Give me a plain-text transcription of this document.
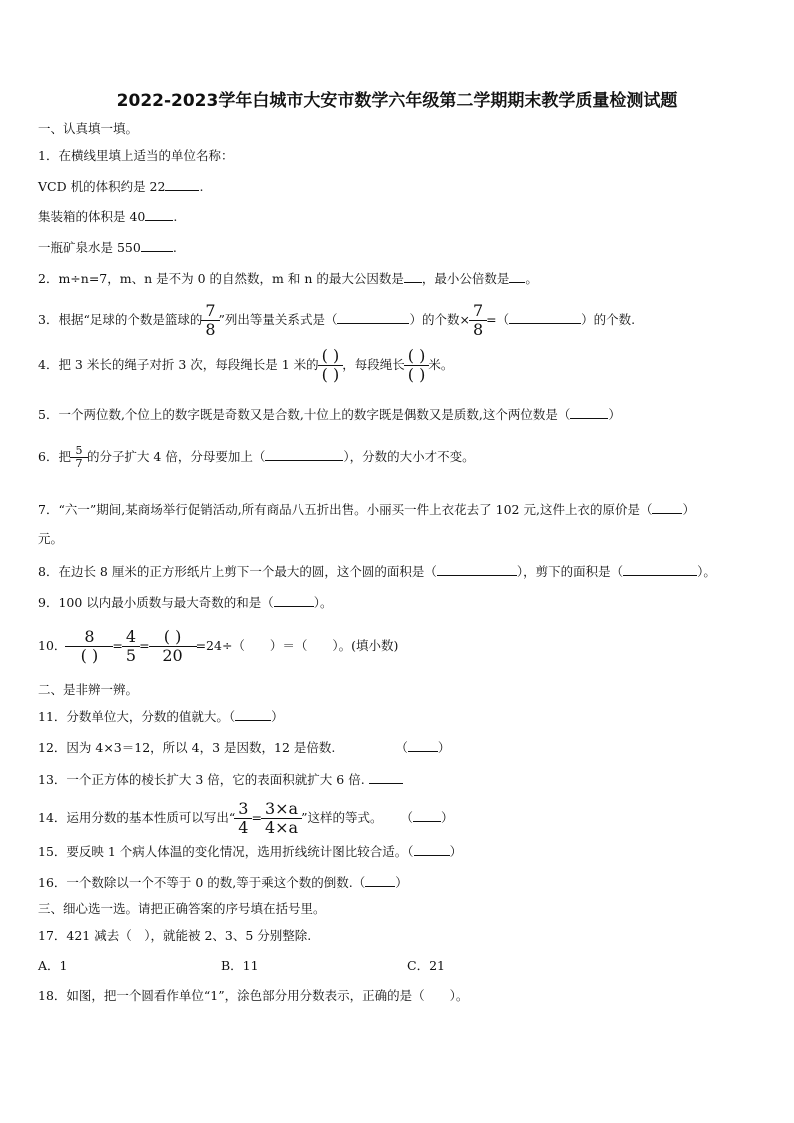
2022-2023学年白城市大安市数学六年级第二学期期末教学质量检测试题
一、认真填一填。
1．在横线里填上适当的单位名称：
VCD 机的体积约是 22	.
集装箱的体积是 40 .
一瓶矿泉水是 550	.
2．m÷n=7，m、n 是不为 0 的自然数，m 和 n 的最大公因数是 ，最小公倍数是 。
3．根据“足球的个数是篮球的 $\frac{7}{8}$ ”列出等量关系式是（	）的个数× $\frac{7}{8}$ =（	）的个数.
4．把 3 米长的绳子对折 3 次，每段绳长是 1 米的 ( )
( )
，每段绳长 ( )
( )
米。
5．一个两位数,个位上的数字既是奇数又是合数,十位上的数字既是偶数又是质数,这个两位数是（	）
6．把 $\frac{5}{7}$ 的分子扩大 4 倍，分母要加上（	），分数的大小才不变。
7．“六一”期间,某商场举行促销活动,所有商品八五折出售。小丽买一件上衣花去了 102 元,这件上衣的原价是（ ）
元。
8．在边长 8 厘米的正方形纸片上剪下一个最大的圆，这个圆的面积是（	），剪下的面积是（	）。
9．100 以内最小质数与最大奇数的和是（	）。
10． 8
( )
= $\frac{4}{5}$ = ( )
20
=24÷（　　）＝（　　）。(填小数)
二、是非辨一辨。
11．分数单位大，分数的值就大。（	）
12．因为 4×3＝12，所以 4，3 是因数，12 是倍数.	（ ）
13．一个正方体的棱长扩大 3 倍，它的表面积就扩大 6 倍.
14．运用分数的基本性质可以写出“ $\frac{3}{4} = \frac{3\times a}{4\times a}$ ”这样的等式。 （ ）
15．要反映 1 个病人体温的变化情况，选用折线统计图比较合适。（	）
16．一个数除以一个不等于 0 的数,等于乘这个数的倒数.（ ）
三、细心选一选。请把正确答案的序号填在括号里。
17．421 减去（　），就能被 2、3、5 分别整除.
A．1	B．11	C．21
18．如图，把一个圆看作单位“1”，涂色部分用分数表示，正确的是（　　）。
